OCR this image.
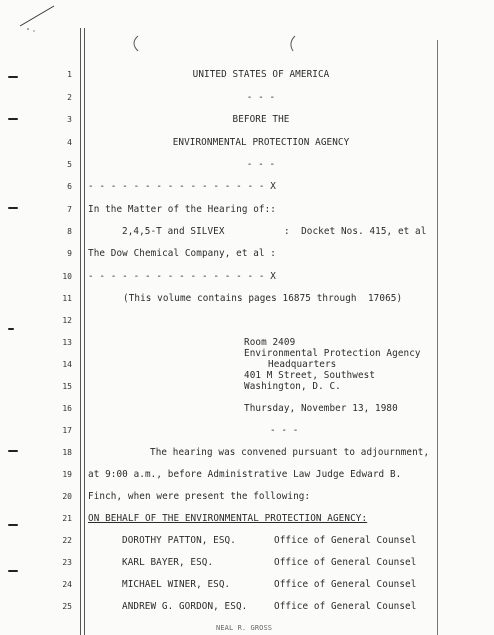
1
2
3
4
5
6
7
8
9
10
11
12
13
14
15
16
17
18
19
20
21
22
23
24
25
UNITED STATES OF AMERICA
- - -
BEFORE THE
ENVIRONMENTAL PROTECTION AGENCY
- - -
- - - - - - - - - - - - - - - - X
In the Matter of the Hearing of::
2,4,5-T and SILVEX	:  Docket Nos. 415, et al
The Dow Chemical Company, et al :
- - - - - - - - - - - - - - - - X
(This volume contains pages 16875 through  17065)
Room 2409
Environmental Protection Agency
Headquarters
401 M Street, Southwest
Washington, D. C.
Thursday, November 13, 1980
- - -
The hearing was convened pursuant to adjournment,
at 9:00 a.m., before Administrative Law Judge Edward B.
Finch, when were present the following:
ON BEHALF OF THE ENVIRONMENTAL PROTECTION AGENCY:
DOROTHY PATTON, ESQ.	Office of General Counsel
KARL BAYER, ESQ.	Office of General Counsel
MICHAEL WINER, ESQ.	Office of General Counsel
ANDREW G. GORDON, ESQ.	Office of General Counsel
NEAL R. GROSS
